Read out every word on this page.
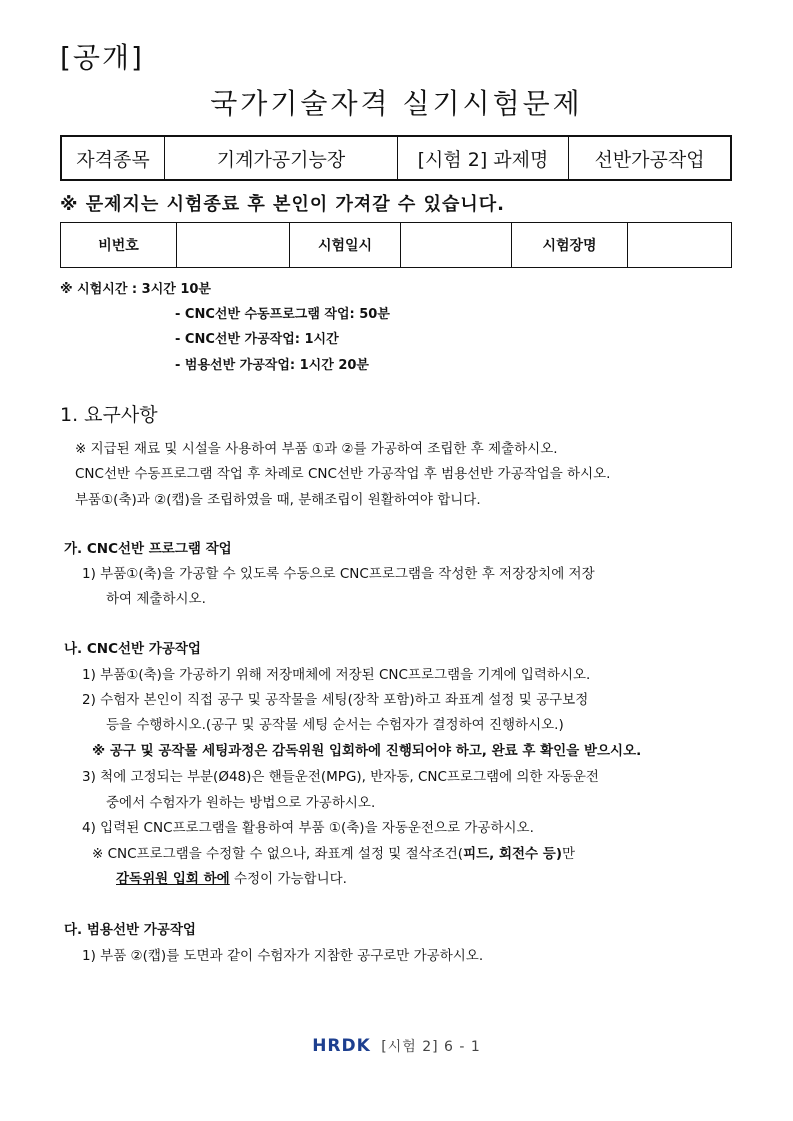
[공개]
국가기술자격 실기시험문제
자격종목	기계가공기능장	[시험 2] 과제명	선반가공작업
※ 문제지는 시험종료 후 본인이 가져갈 수 있습니다.
비번호		시험일시		시험장명	
※ 시험시간 : 3시간 10분
- CNC선반 수동프로그램 작업: 50분
- CNC선반 가공작업: 1시간
- 범용선반 가공작업: 1시간 20분
1. 요구사항
※ 지급된 재료 및 시설을 사용하여 부품 ①과 ②를 가공하여 조립한 후 제출하시오.
CNC선반 수동프로그램 작업 후 차례로 CNC선반 가공작업 후 범용선반 가공작업을 하시오.
부품①(축)과 ②(캡)을 조립하였을 때, 분해조립이 원활하여야 합니다.
가. CNC선반 프로그램 작업
1) 부품①(축)을 가공할 수 있도록 수동으로 CNC프로그램을 작성한 후 저장장치에 저장
하여 제출하시오.
나. CNC선반 가공작업
1) 부품①(축)을 가공하기 위해 저장매체에 저장된 CNC프로그램을 기계에 입력하시오.
2) 수험자 본인이 직접 공구 및 공작물을 세팅(장착 포함)하고 좌표계 설정 및 공구보정
등을 수행하시오.(공구 및 공작물 세팅 순서는 수험자가 결정하여 진행하시오.)
※ 공구 및 공작물 세팅과정은 감독위원 입회하에 진행되어야 하고, 완료 후 확인을 받으시오.
3) 척에 고정되는 부분(Ø48)은 핸들운전(MPG), 반자동, CNC프로그램에 의한 자동운전
중에서 수험자가 원하는 방법으로 가공하시오.
4) 입력된 CNC프로그램을 활용하여 부품 ①(축)을 자동운전으로 가공하시오.
※ CNC프로그램을 수정할 수 없으나, 좌표계 설정 및 절삭조건(피드, 회전수 등)만
감독위원 입회 하에 수정이 가능합니다.
다. 범용선반 가공작업
1) 부품 ②(캡)를 도면과 같이 수험자가 지참한 공구로만 가공하시오.
HRDK [시험 2] 6 - 1
